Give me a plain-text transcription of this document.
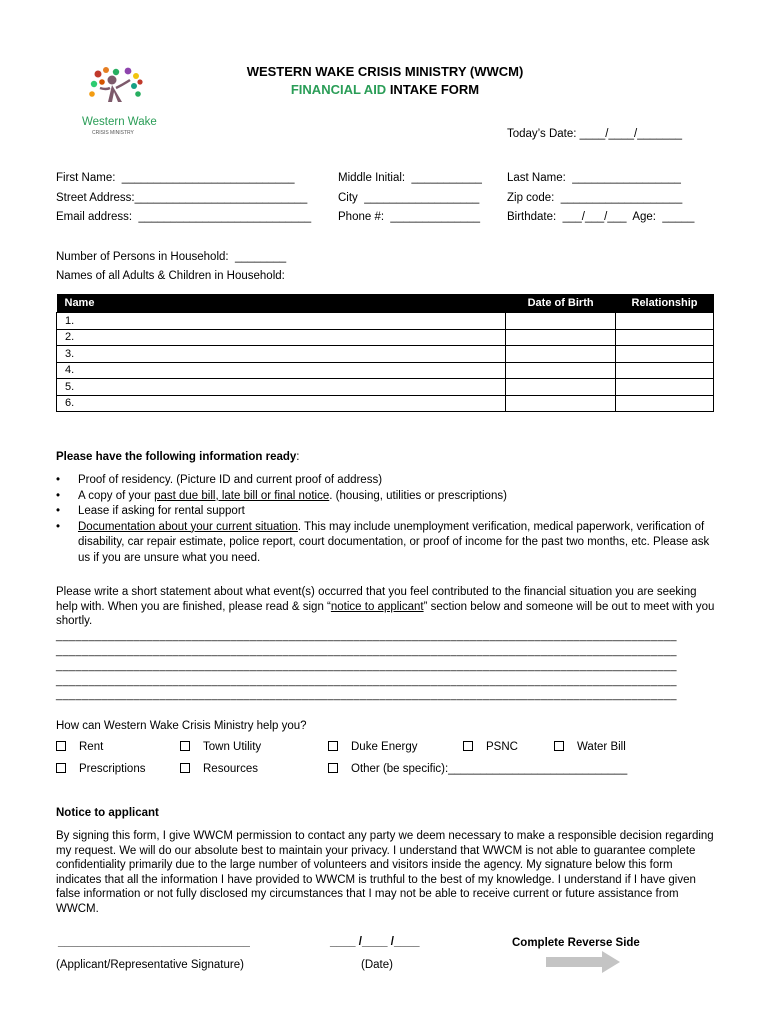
Western Wake
CRISIS MINISTRY
WESTERN WAKE CRISIS MINISTRY (WWCM)
FINANCIAL AID INTAKE FORM
Today’s Date: ____/____/_______
First Name:  ___________________________	Middle Initial:  ___________ Last Name:  _________________
Street Address:___________________________	City  __________________ Zip code:  ___________________
Email address:  ___________________________ Phone #:  ______________ Birthdate:  ___/___/___  Age:  _____
Number of Persons in Household:  ________
Names of all Adults & Children in Household:
Name	Date of Birth	Relationship
1.		
2.		
3.		
4.		
5.		
6.		
Please have the following information ready:
• Proof of residency. (Picture ID and current proof of address)
• A copy of your past due bill, late bill or final notice. (housing, utilities or prescriptions)
• Lease if asking for rental support
• Documentation about your current situation. This may include unemployment verification, medical paperwork, verification of disability, car repair estimate, police report, court documentation, or proof of income for the past two months, etc. Please ask us if you are unsure what you need.
Please write a short statement about what event(s) occurred that you feel contributed to the financial situation you are seeking help with. When you are finished, please read & sign “notice to applicant” section below and someone will be out to meet with you shortly.
________________________________________________________________________________________________
________________________________________________________________________________________________
________________________________________________________________________________________________
________________________________________________________________________________________________
________________________________________________________________________________________________
How can Western Wake Crisis Ministry help you?
Rent	Town Utility	Duke Energy	PSNC	Water Bill
Prescriptions	Resources	Other (be specific):____________________________
Notice to applicant
By signing this form, I give WWCM permission to contact any party we deem necessary to make a responsible decision regarding my request. We will do our absolute best to maintain your privacy. I understand that WWCM is not able to guarantee complete confidentiality primarily due to the large number of volunteers and visitors inside the agency. My signature below this form indicates that all the information I have provided to WWCM is truthful to the best of my knowledge. I understand if I have given false information or not fully disclosed my circumstances that I may not be able to receive current or future assistance from WWCM.
______________________________	____ /____ /____	Complete Reverse Side
(Applicant/Representative Signature)	(Date)
